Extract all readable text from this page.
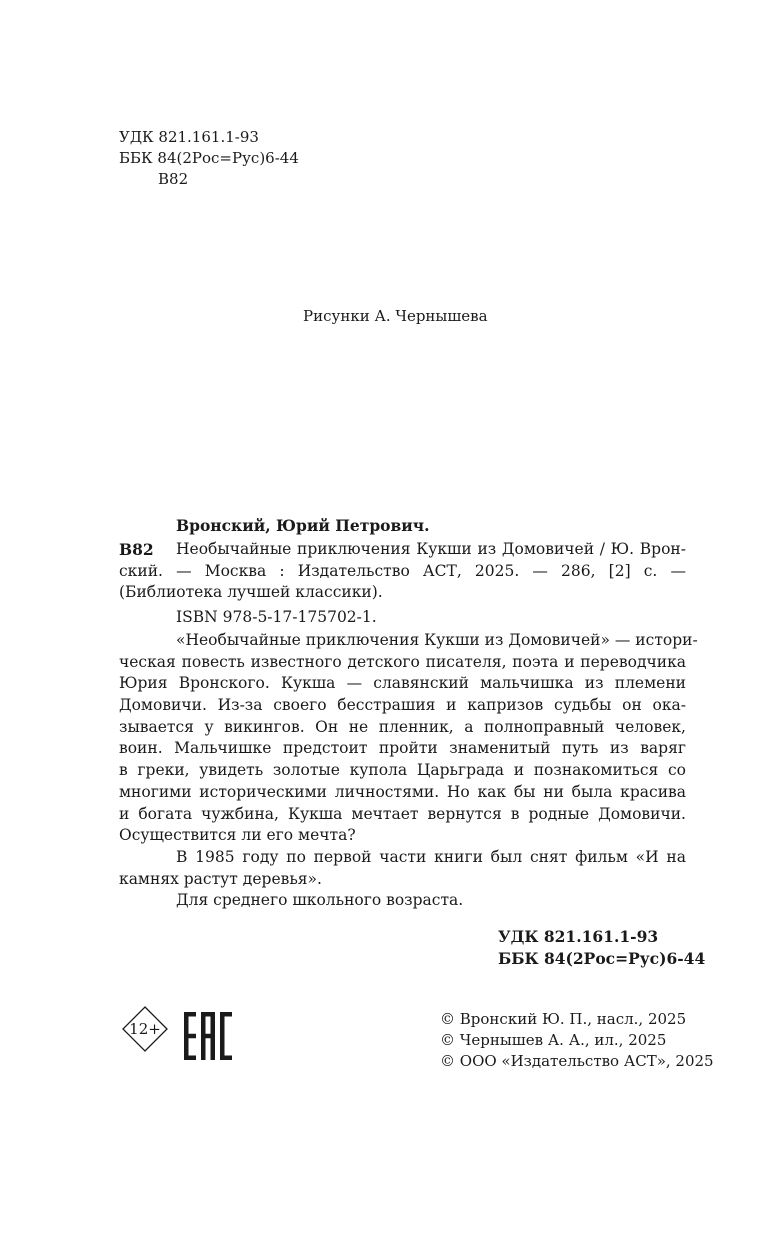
УДК 821.161.1-93
ББК 84(2Рос=Рус)6-44
В82
Рисунки А. Чернышева
Вронский, Юрий Петрович.
В82	Необычайные приключения Кукши из Домовичей / Ю. Врон-
ский. — Москва : Издательство АСТ, 2025. — 286, [2] с. —
(Библиотека лучшей классики).
ISBN 978-5-17-175702-1.
«Необычайные приключения Кукши из Домовичей» — истори-
ческая повесть известного детского писателя, поэта и переводчика
Юрия Вронского. Кукша — славянский мальчишка из племени
Домовичи. Из-за своего бесстрашия и капризов судьбы он ока-
зывается у викингов. Он не пленник, а полноправный человек,
воин. Мальчишке предстоит пройти знаменитый путь из варяг
в греки, увидеть золотые купола Царьграда и познакомиться со
многими историческими личностями. Но как бы ни была красива
и богата чужбина, Кукша мечтает вернутся в родные Домовичи.
Осуществится ли его мечта?
В 1985 году по первой части книги был снят фильм «И на
камнях растут деревья».
Для среднего школьного возраста.
УДК 821.161.1-93
ББК 84(2Рос=Рус)6-44
12+
© Вронский Ю. П., насл., 2025
© Чернышев А. А., ил., 2025
© ООО «Издательство АСТ», 2025
